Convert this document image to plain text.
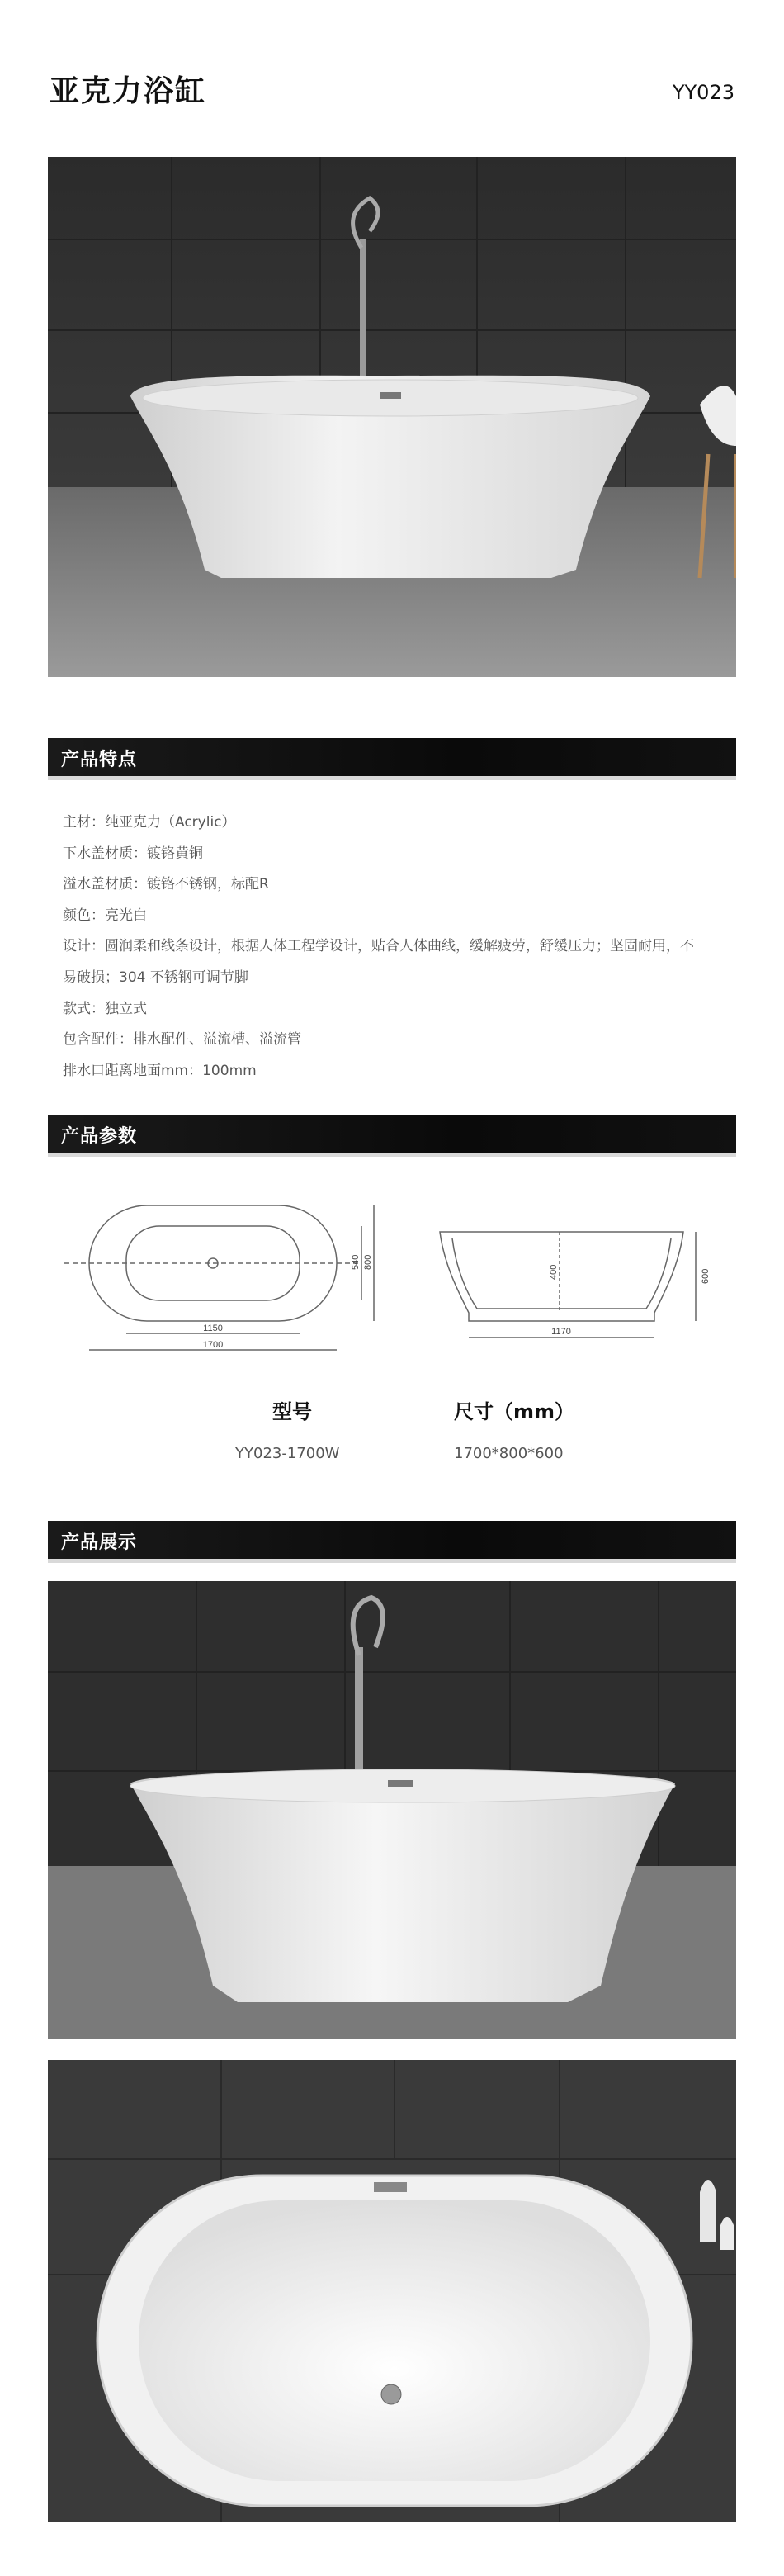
亚克力浴缸	YY023
产品特点
主材：纯亚克力（Acrylic）
下水盖材质：镀铬黄铜
溢水盖材质：镀铬不锈钢，标配R
颜色：亮光白
设计：圆润柔和线条设计，根据人体工程学设计，贴合人体曲线，缓解疲劳，舒缓压力；坚固耐用，不易破损；304 不锈钢可调节脚
款式：独立式
包含配件：排水配件、溢流槽、溢流管
排水口距离地面mm：100mm
产品参数
1150
1700
540 800
1170
400	600
型号	尺寸（mm）
YY023-1700W	1700*800*600
产品展示
